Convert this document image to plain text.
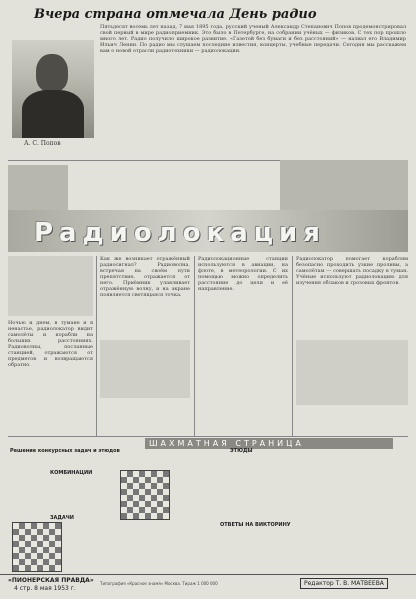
Вчера страна отмечала День радио
А. С. Попов
Пятьдесят восемь лет назад, 7 мая 1895 года, русский ученый Александр Степанович Попов продемонстрировал свой первый в мире радиоприемник. Это было в Петербурге, на собрании учёных — физиков. С тех пор прошло много лет. Радио получило широкое развитие. «Газетой без бумаги и без расстояний» — назвал его Владимир Ильич Ленин. По радио мы слушаем последние известия, концерты, учебные передачи. Сегодня мы расскажем вам о новой отрасли радиотехники — радиолокации.
Радиолокация
Ночью и днем, в тумане и в ненастье, радиолокатор видит самолёты и корабли на больших расстояниях. Радиоволны, посланные станцией, отражаются от предметов и возвращаются обратно.
Как же возникает отражённый радиосигнал? Радиоволна, встречая на своём пути препятствие, отражается от него. Приёмник улавливает отражённую волну, и на экране появляется светящаяся точка.
Радиолокационные станции используются в авиации, на флоте, в метеорологии. С их помощью можно определить расстояние до цели и её направление.
Радиолокатор помогает кораблям безопасно проходить узкие проливы, а самолётам — совершать посадку в туман. Учёные используют радиолокацию для изучения облаков и грозовых фронтов.
ШАХМАТНАЯ СТРАНИЦА
Решение конкурсных задач и этюдов
КОМБИНАЦИИ
ЗАДАЧИ
ЭТЮДЫ
ОТВЕТЫ НА ВИКТОРИНУ
«ПИОНЕРСКАЯ ПРАВДА»
4 стр. 8 мая 1953 г.
Типография «Красное знамя» Москва. Тираж 1 000 000	Редактор Т. В. МАТВЕЕВА
